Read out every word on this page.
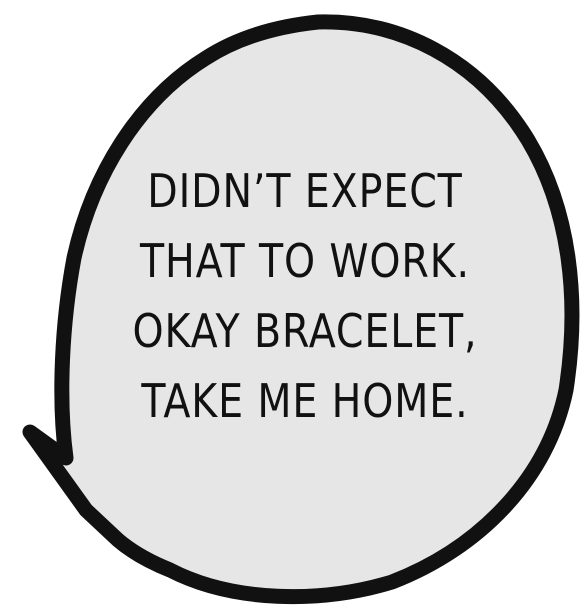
DIDN’T EXPECT
THAT TO WORK.
OKAY BRACELET,
TAKE ME HOME.
